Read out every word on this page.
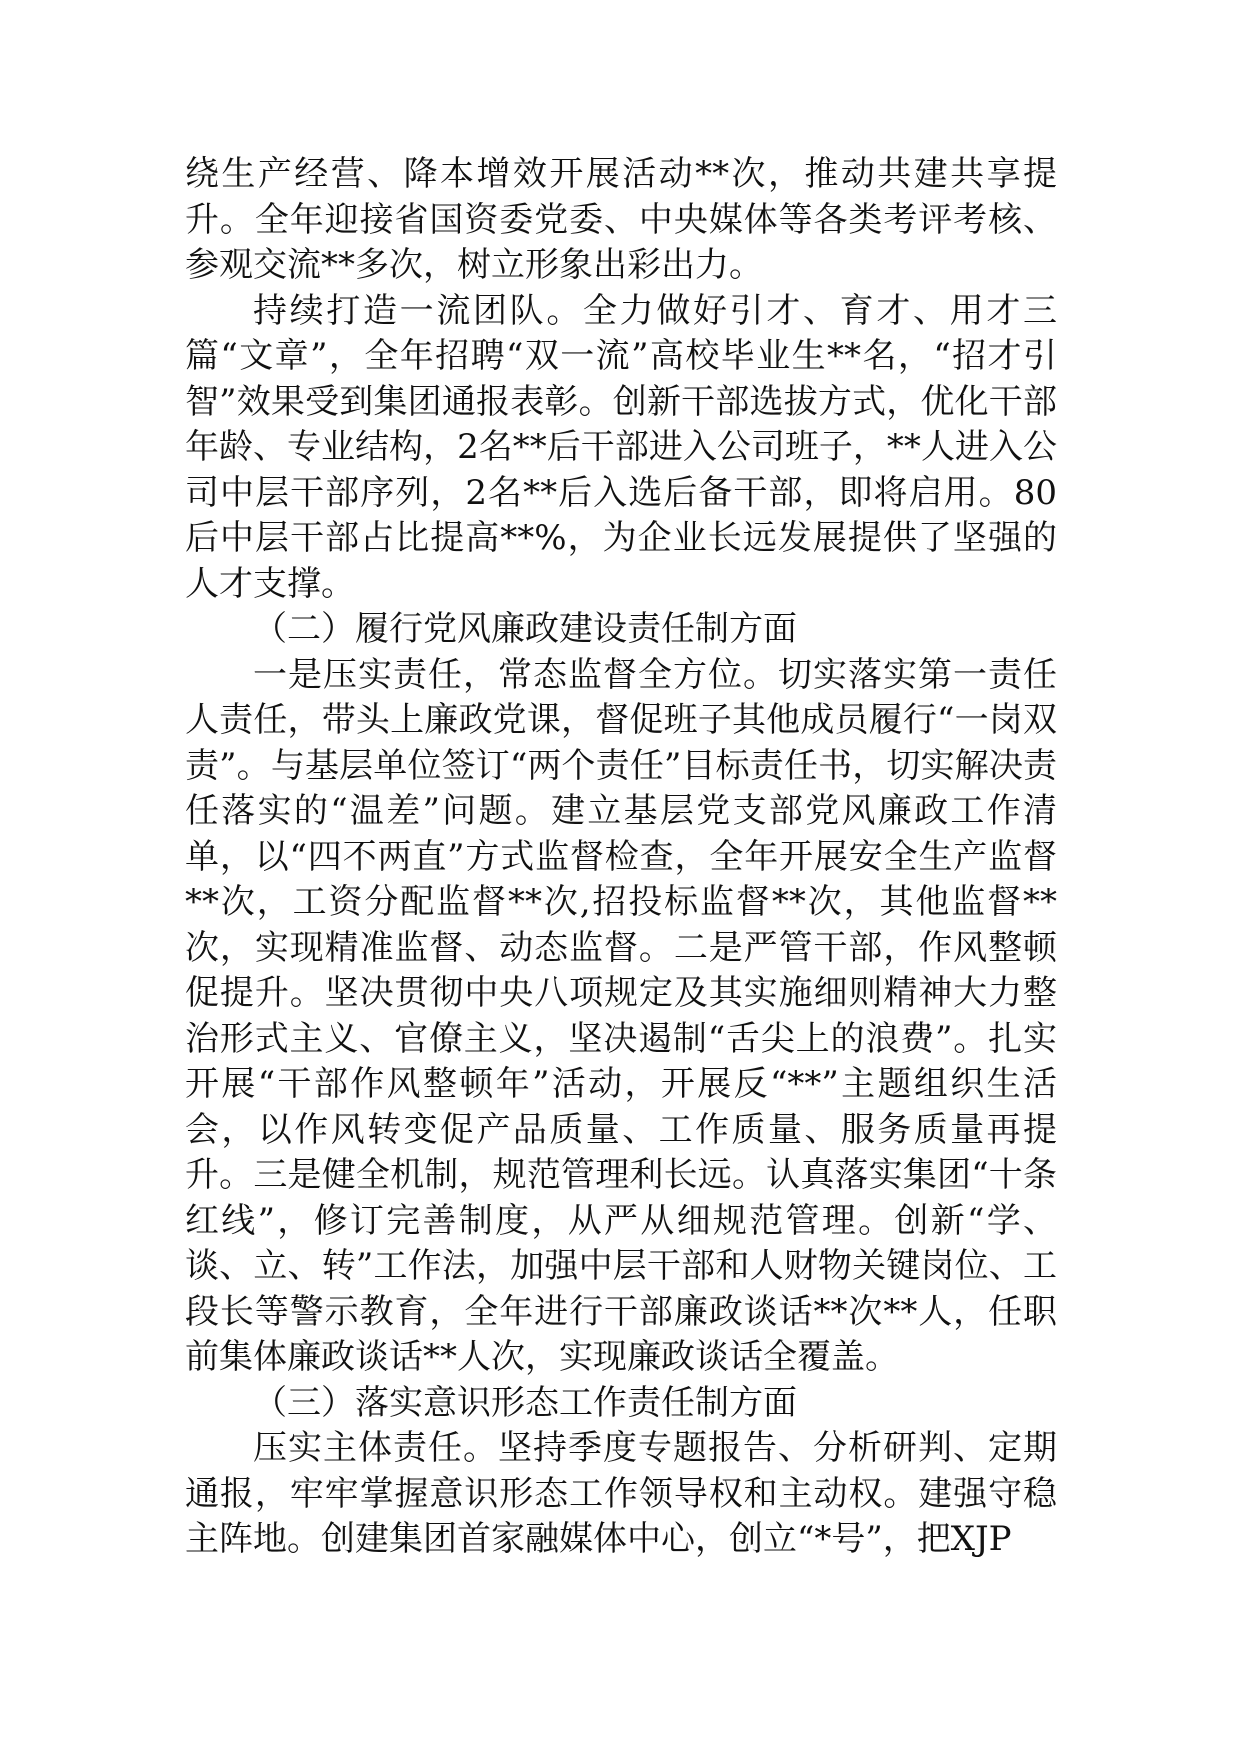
绕生产经营、降本增效开展活动**次，推动共建共享提升。全年迎接省国资委党委、中央媒体等各类考评考核、参观交流**多次，树立形象出彩出力。

持续打造一流团队。全力做好引才、育才、用才三篇“文章”，全年招聘“双一流”高校毕业生**名，“招才引智”效果受到集团通报表彰。创新干部选拔方式，优化干部年龄、专业结构，2名**后干部进入公司班子，**人进入公司中层干部序列，2名**后入选后备干部，即将启用。80后中层干部占比提高**%，为企业长远发展提供了坚强的人才支撑。

（二）履行党风廉政建设责任制方面

一是压实责任，常态监督全方位。切实落实第一责任人责任，带头上廉政党课，督促班子其他成员履行“一岗双责”。与基层单位签订“两个责任”目标责任书，切实解决责任落实的“温差”问题。建立基层党支部党风廉政工作清单，以“四不两直”方式监督检查，全年开展安全生产监督**次，工资分配监督**次,招投标监督**次，其他监督**次，实现精准监督、动态监督。二是严管干部，作风整顿促提升。坚决贯彻中央八项规定及其实施细则精神大力整治形式主义、官僚主义，坚决遏制“舌尖上的浪费”。扎实开展“干部作风整顿年”活动，开展反“**”主题组织生活会，以作风转变促产品质量、工作质量、服务质量再提升。三是健全机制，规范管理利长远。认真落实集团“十条红线”，修订完善制度，从严从细规范管理。创新“学、谈、立、转”工作法，加强中层干部和人财物关键岗位、工段长等警示教育，全年进行干部廉政谈话**次**人，任职前集体廉政谈话**人次，实现廉政谈话全覆盖。

（三）落实意识形态工作责任制方面

压实主体责任。坚持季度专题报告、分析研判、定期通报，牢牢掌握意识形态工作领导权和主动权。建强守稳主阵地。创建集团首家融媒体中心，创立“*号”，把XJP
